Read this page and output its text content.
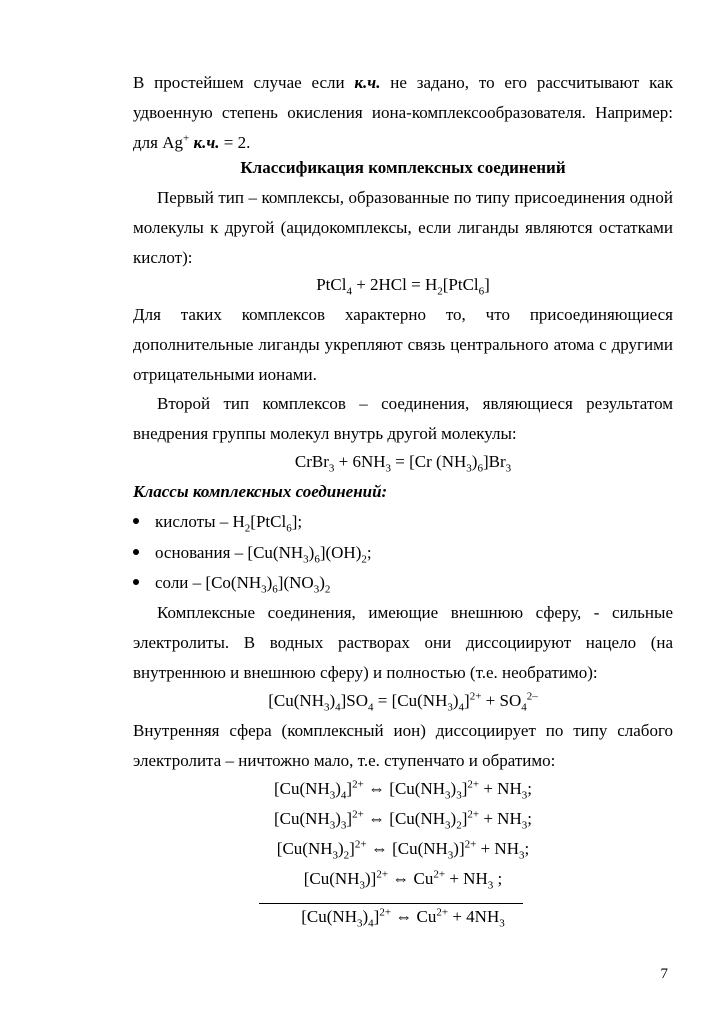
В простейшем случае если к.ч. не задано, то его рассчитывают как удвоенную степень окисления иона-комплексообразователя. Например: для Ag+ к.ч. = 2.

Классификация комплексных соединений

Первый тип – комплексы, образованные по типу присоединения одной молекулы к другой (ацидокомплексы, если лиганды являются остатками кислот):

PtCl$_4$ + $2HCl = H_2[PtCl_6]$

Для таких комплексов характерно то, что присоединяющиеся дополнительные лиганды укрепляют связь центрального атома с другими отрицательными ионами.

Второй тип комплексов – соединения, являющиеся результатом внедрения группы молекул внутрь другой молекулы:

CrBr$_3$ + $6NH_3 = [Cr$ $(NH_3)_6]Br_3$
Классы комплексных соединений:
кислоты – $H_2[PtCl_6]$;
основания – $[Cu(NH_3)_6](OH)_2$;
соли – $[Co(NH_3)_6](NO_3)_2$

Комплексные соединения, имеющие внешнюю сферу, - сильные электролиты. В водных растворах они диссоциируют нацело (на внутреннюю и внешнюю сферу) и полностью (т.е. необратимо):

$[Cu(NH_3)_4]SO_4 = [Cu(NH_3)_4]^{2+} + SO_4^{2-}$

Внутренняя сфера (комплексный ион) диссоциирует по типу слабого электролита – ничтожно мало, т.е. ступенчато и обратимо:

$[Cu(NH_3)_4]^{2+}$ ⇔ $[Cu(NH_3)_3]^{2+} + NH_3$;
$[Cu(NH_3)_3]^{2+}$ ⇔ $[Cu(NH_3)_2]^{2+} + NH_3$;
$[Cu(NH_3)_2]^{2+}$ ⇔ $[Cu(NH_3)]^{2+} + NH_3$;
$[Cu(NH_3)]^{2+}$ ⇔ $Cu^{2+} + NH_3$ ;
$[Cu(NH_3)_4]^{2+}$ ⇔ $Cu^{2+} + 4NH_3$
7
